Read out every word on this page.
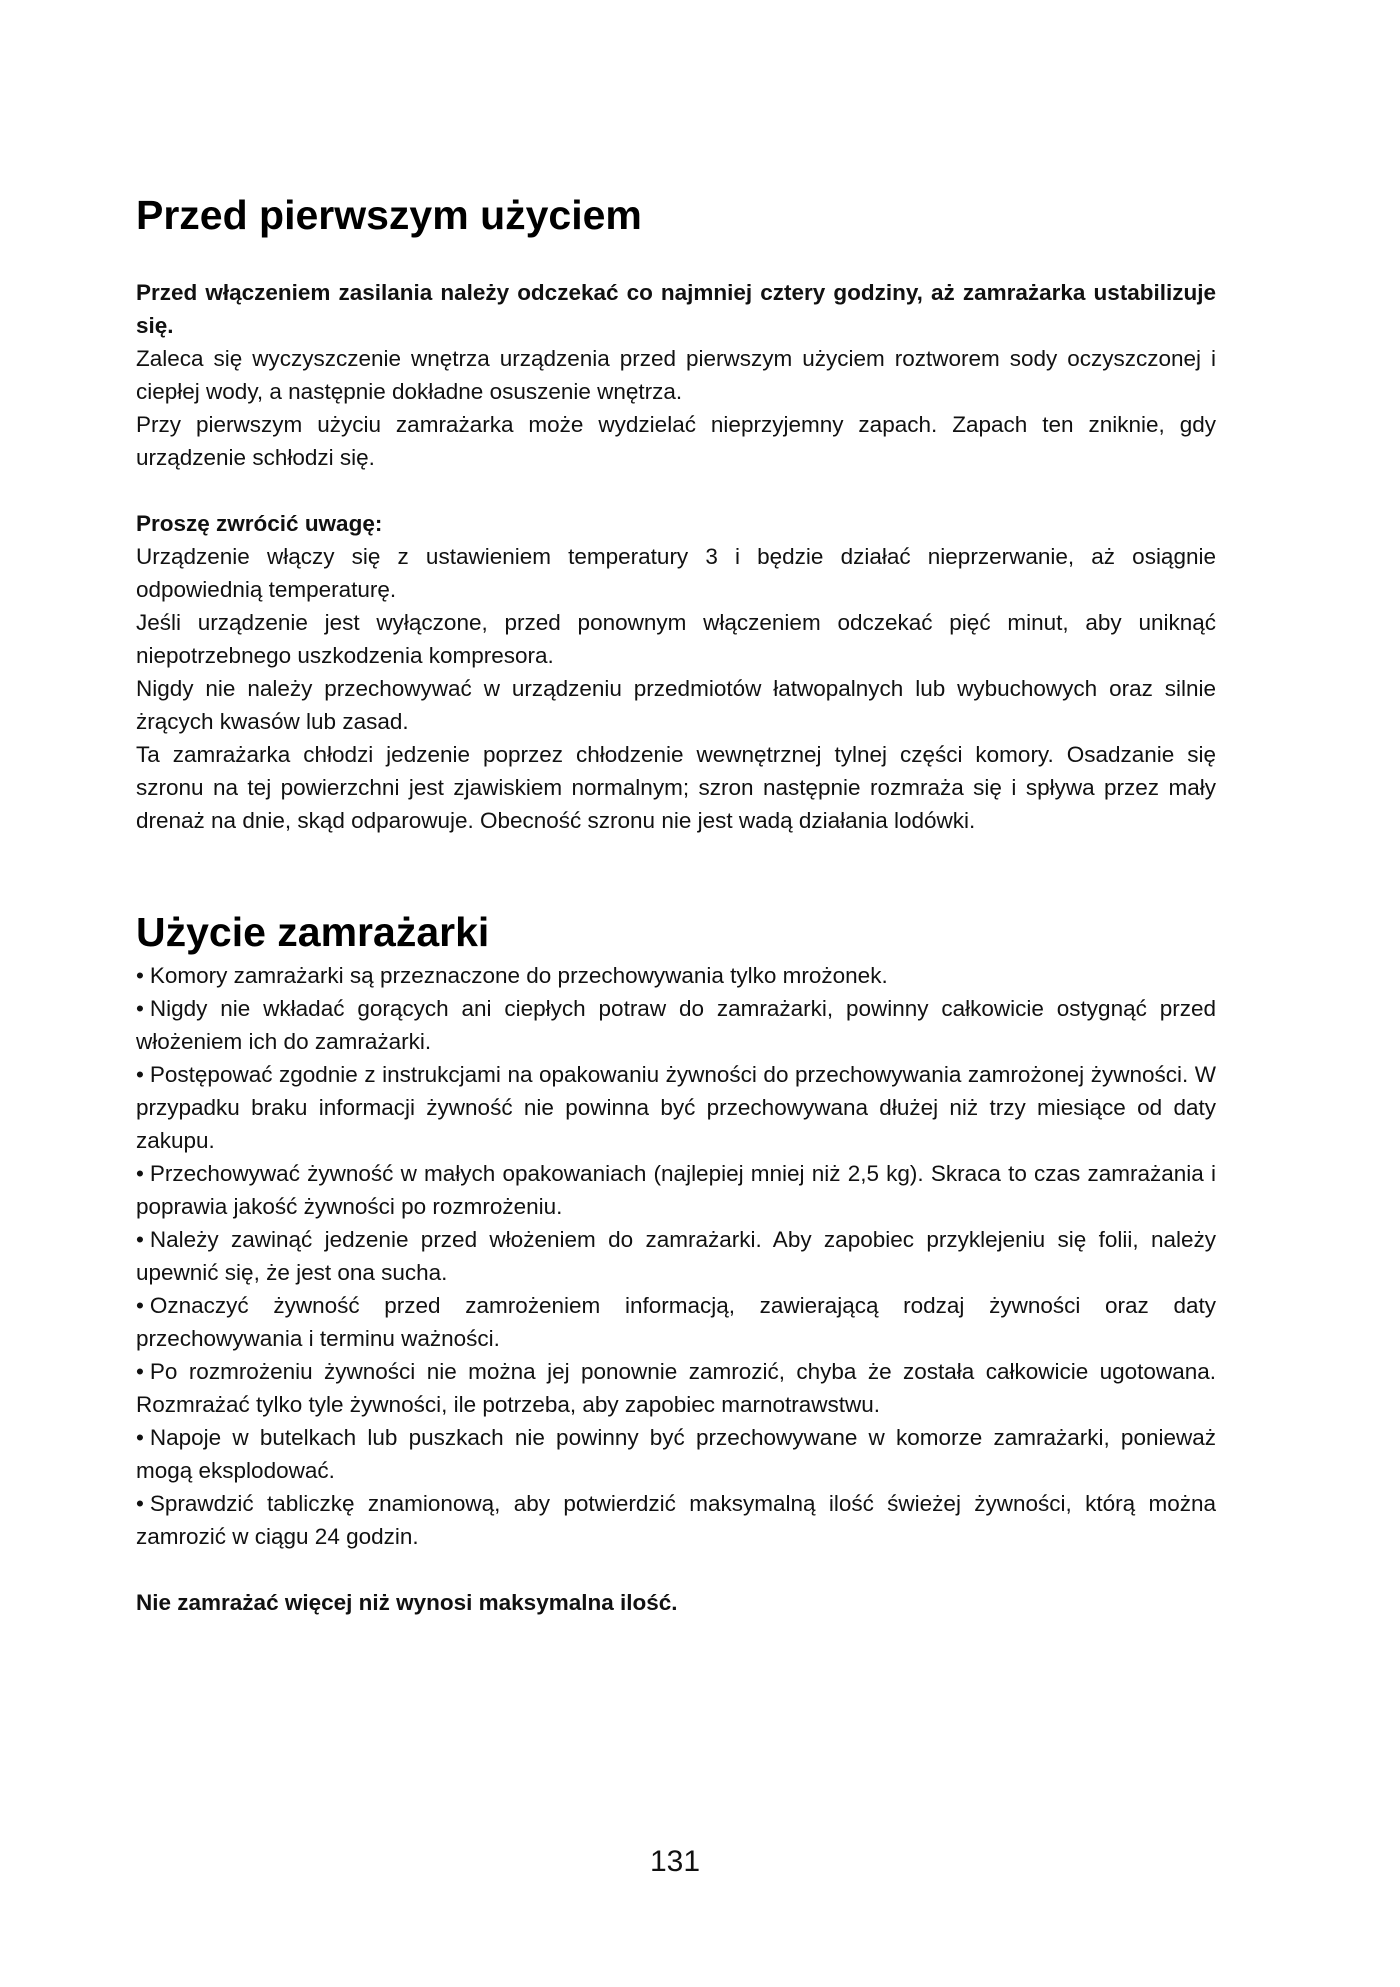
Przed pierwszym użyciem

Przed włączeniem zasilania należy odczekać co najmniej cztery godziny, aż zamrażarka ustabilizuje się.

Zaleca się wyczyszczenie wnętrza urządzenia przed pierwszym użyciem roztworem sody oczyszczonej i ciepłej wody, a następnie dokładne osuszenie wnętrza.

Przy pierwszym użyciu zamrażarka może wydzielać nieprzyjemny zapach. Zapach ten zniknie, gdy urządzenie schłodzi się.

Proszę zwrócić uwagę:

Urządzenie włączy się z ustawieniem temperatury 3 i będzie działać nieprzerwanie, aż osiągnie odpowiednią temperaturę.

Jeśli urządzenie jest wyłączone, przed ponownym włączeniem odczekać pięć minut, aby uniknąć niepotrzebnego uszkodzenia kompresora.

Nigdy nie należy przechowywać w urządzeniu przedmiotów łatwopalnych lub wybuchowych oraz silnie żrących kwasów lub zasad.

Ta zamrażarka chłodzi jedzenie poprzez chłodzenie wewnętrznej tylnej części komory. Osadzanie się szronu na tej powierzchni jest zjawiskiem normalnym; szron następnie rozmraża się i spływa przez mały drenaż na dnie, skąd odparowuje. Obecność szronu nie jest wadą działania lodówki.

Użycie zamrażarki
• Komory zamrażarki są przeznaczone do przechowywania tylko mrożonek.
• Nigdy nie wkładać gorących ani ciepłych potraw do zamrażarki, powinny całkowicie ostygnąć przed włożeniem ich do zamrażarki.
• Postępować zgodnie z instrukcjami na opakowaniu żywności do przechowywania zamrożonej żywności. W przypadku braku informacji żywność nie powinna być przechowywana dłużej niż trzy miesiące od daty zakupu.
• Przechowywać żywność w małych opakowaniach (najlepiej mniej niż 2,5 kg). Skraca to czas zamrażania i poprawia jakość żywności po rozmrożeniu.
• Należy zawinąć jedzenie przed włożeniem do zamrażarki. Aby zapobiec przyklejeniu się folii, należy upewnić się, że jest ona sucha.
• Oznaczyć żywność przed zamrożeniem informacją, zawierającą rodzaj żywności oraz daty przechowywania i terminu ważności.
• Po rozmrożeniu żywności nie można jej ponownie zamrozić, chyba że została całkowicie ugotowana. Rozmrażać tylko tyle żywności, ile potrzeba, aby zapobiec marnotrawstwu.
• Napoje w butelkach lub puszkach nie powinny być przechowywane w komorze zamrażarki, ponieważ mogą eksplodować.
• Sprawdzić tabliczkę znamionową, aby potwierdzić maksymalną ilość świeżej żywności, którą można zamrozić w ciągu 24 godzin.

Nie zamrażać więcej niż wynosi maksymalna ilość.

131
